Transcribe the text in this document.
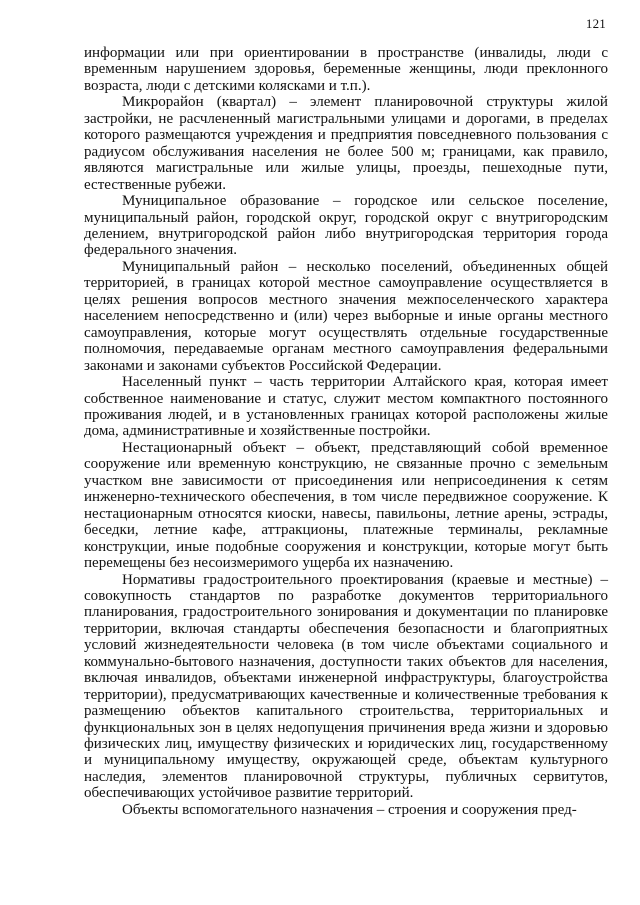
121

информации или при ориентировании в пространстве (инвалиды, люди с временным нарушением здоровья, беременные женщины, люди преклонного возраста, люди с детскими колясками и т.п.).

Микрорайон (квартал) – элемент планировочной структуры жилой застройки, не расчлененный магистральными улицами и дорогами, в пределах которого размещаются учреждения и предприятия повседневного пользования с радиусом обслуживания населения не более 500 м; границами, как правило, являются магистральные или жилые улицы, проезды, пешеходные пути, естественные рубежи.

Муниципальное образование – городское или сельское поселение, муниципальный район, городской округ, городской округ с внутригородским делением, внутригородской район либо внутригородская территория города федерального значения.

Муниципальный район – несколько поселений, объединенных общей территорией, в границах которой местное самоуправление осуществляется в целях решения вопросов местного значения межпоселенческого характера населением непосредственно и (или) через выборные и иные органы местного самоуправления, которые могут осуществлять отдельные государственные полномочия, передаваемые органам местного самоуправления федеральными законами и законами субъектов Российской Федерации.

Населенный пункт – часть территории Алтайского края, которая имеет собственное наименование и статус, служит местом компактного постоянного проживания людей, и в установленных границах которой расположены жилые дома, административные и хозяйственные постройки.

Нестационарный объект – объект, представляющий собой временное сооружение или временную конструкцию, не связанные прочно с земельным участком вне зависимости от присоединения или неприсоединения к сетям инженерно-технического обеспечения, в том числе передвижное сооружение. К нестационарным относятся киоски, навесы, павильоны, летние арены, эстрады, беседки, летние кафе, аттракционы, платежные терминалы, рекламные конструкции, иные подобные сооружения и конструкции, которые могут быть перемещены без несоизмеримого ущерба их назначению.

Нормативы градостроительного проектирования (краевые и местные) – совокупность стандартов по разработке документов территориального планирования, градостроительного зонирования и документации по планировке территории, включая стандарты обеспечения безопасности и благоприятных условий жизнедеятельности человека (в том числе объектами социального и коммунально-бытового назначения, доступности таких объектов для населения, включая инвалидов, объектами инженерной инфраструктуры, благоустройства территории), предусматривающих качественные и количественные требования к размещению объектов капитального строительства, территориальных и функциональных зон в целях недопущения причинения вреда жизни и здоровью физических лиц, имуществу физических и юридических лиц, государственному и муниципальному имуществу, окружающей среде, объектам культурного наследия, элементов планировочной структуры, публичных сервитутов, обеспечивающих устойчивое развитие территорий.

Объекты вспомогательного назначения – строения и сооружения пред-
